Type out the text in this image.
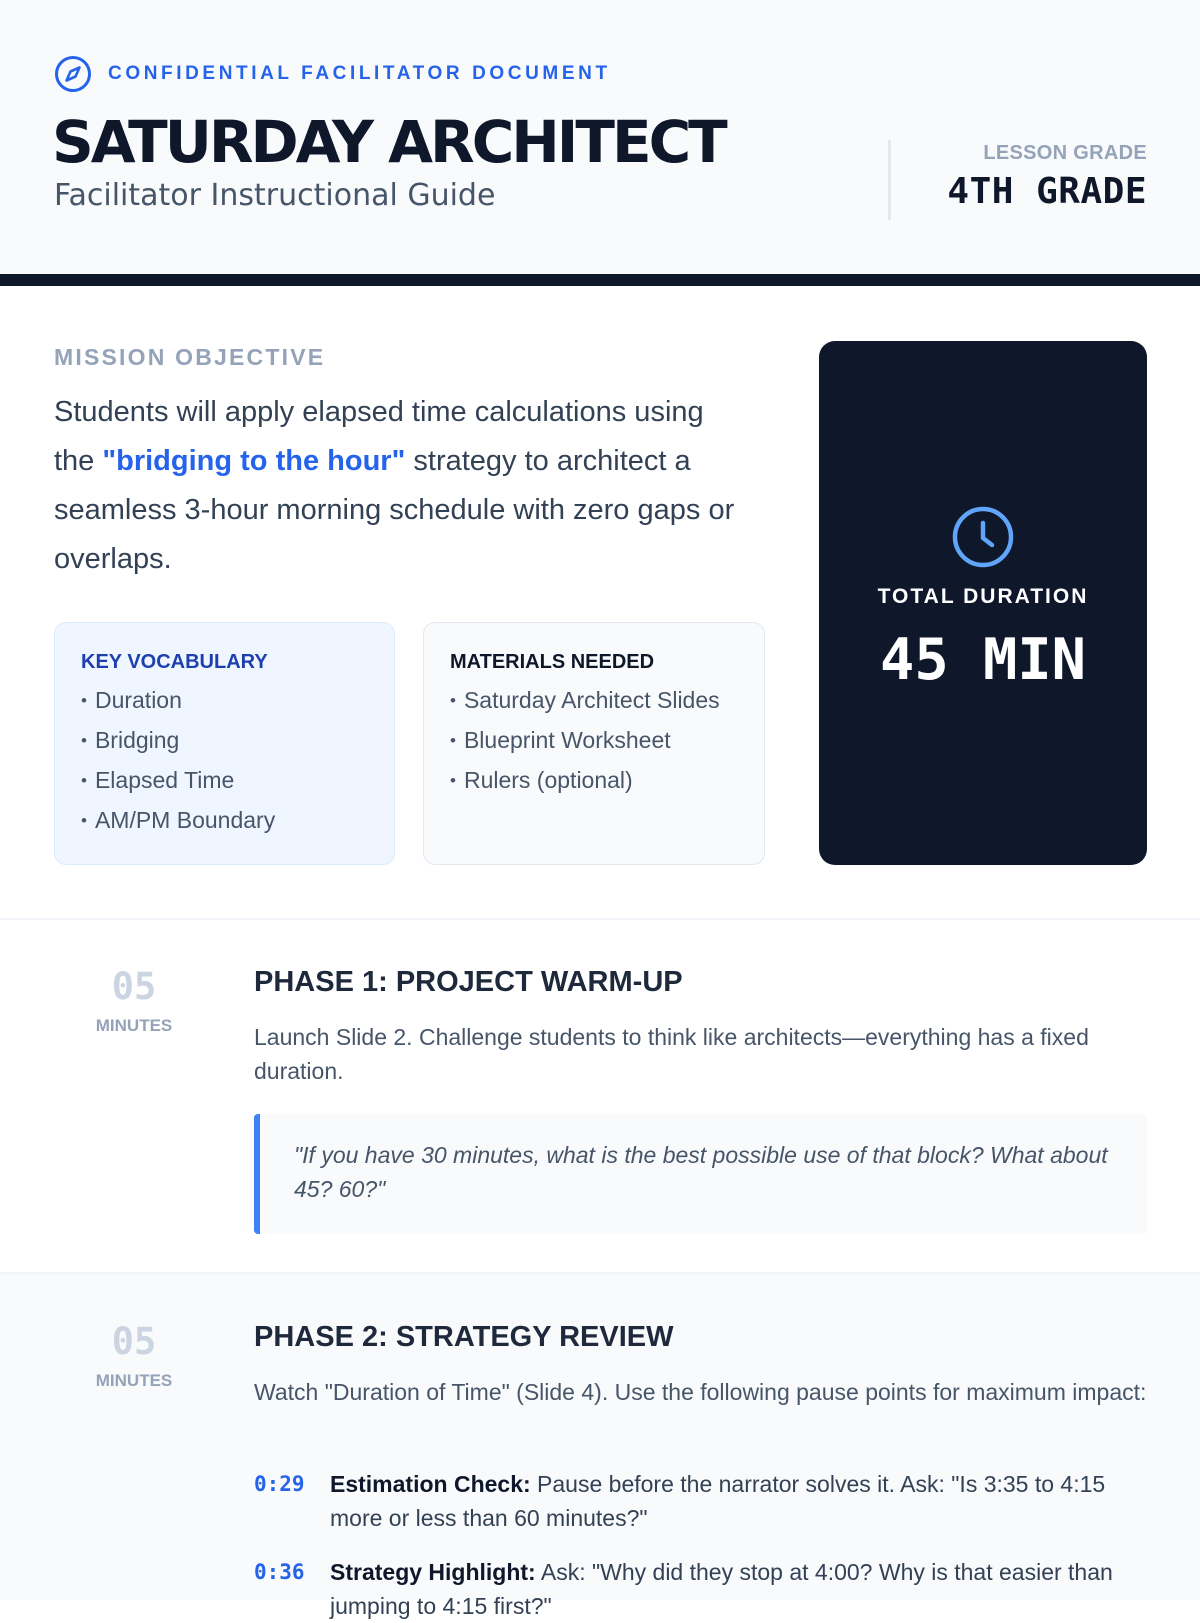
CONFIDENTIAL FACILITATOR DOCUMENT
SATURDAY ARCHITECT
Facilitator Instructional Guide
LESSON GRADE
4TH GRADE
MISSION OBJECTIVE
Students will apply elapsed time calculations using the "bridging to the hour" strategy to architect a seamless 3-hour morning schedule with zero gaps or overlaps.
KEY VOCABULARY
• Duration
• Bridging
• Elapsed Time
• AM/PM Boundary
MATERIALS NEEDED
• Saturday Architect Slides
• Blueprint Worksheet
• Rulers (optional)
TOTAL DURATION
45 MIN
05
MINUTES
PHASE 1: PROJECT WARM-UP
Launch Slide 2. Challenge students to think like architects—everything has a fixed duration.
"If you have 30 minutes, what is the best possible use of that block? What about 45? 60?"
05
MINUTES
PHASE 2: STRATEGY REVIEW
Watch "Duration of Time" (Slide 4). Use the following pause points for maximum impact:
0:29	Estimation Check: Pause before the narrator solves it. Ask: "Is 3:35 to 4:15 more or less than 60 minutes?"
0:36	Strategy Highlight: Ask: "Why did they stop at 4:00? Why is that easier than jumping to 4:15 first?"
